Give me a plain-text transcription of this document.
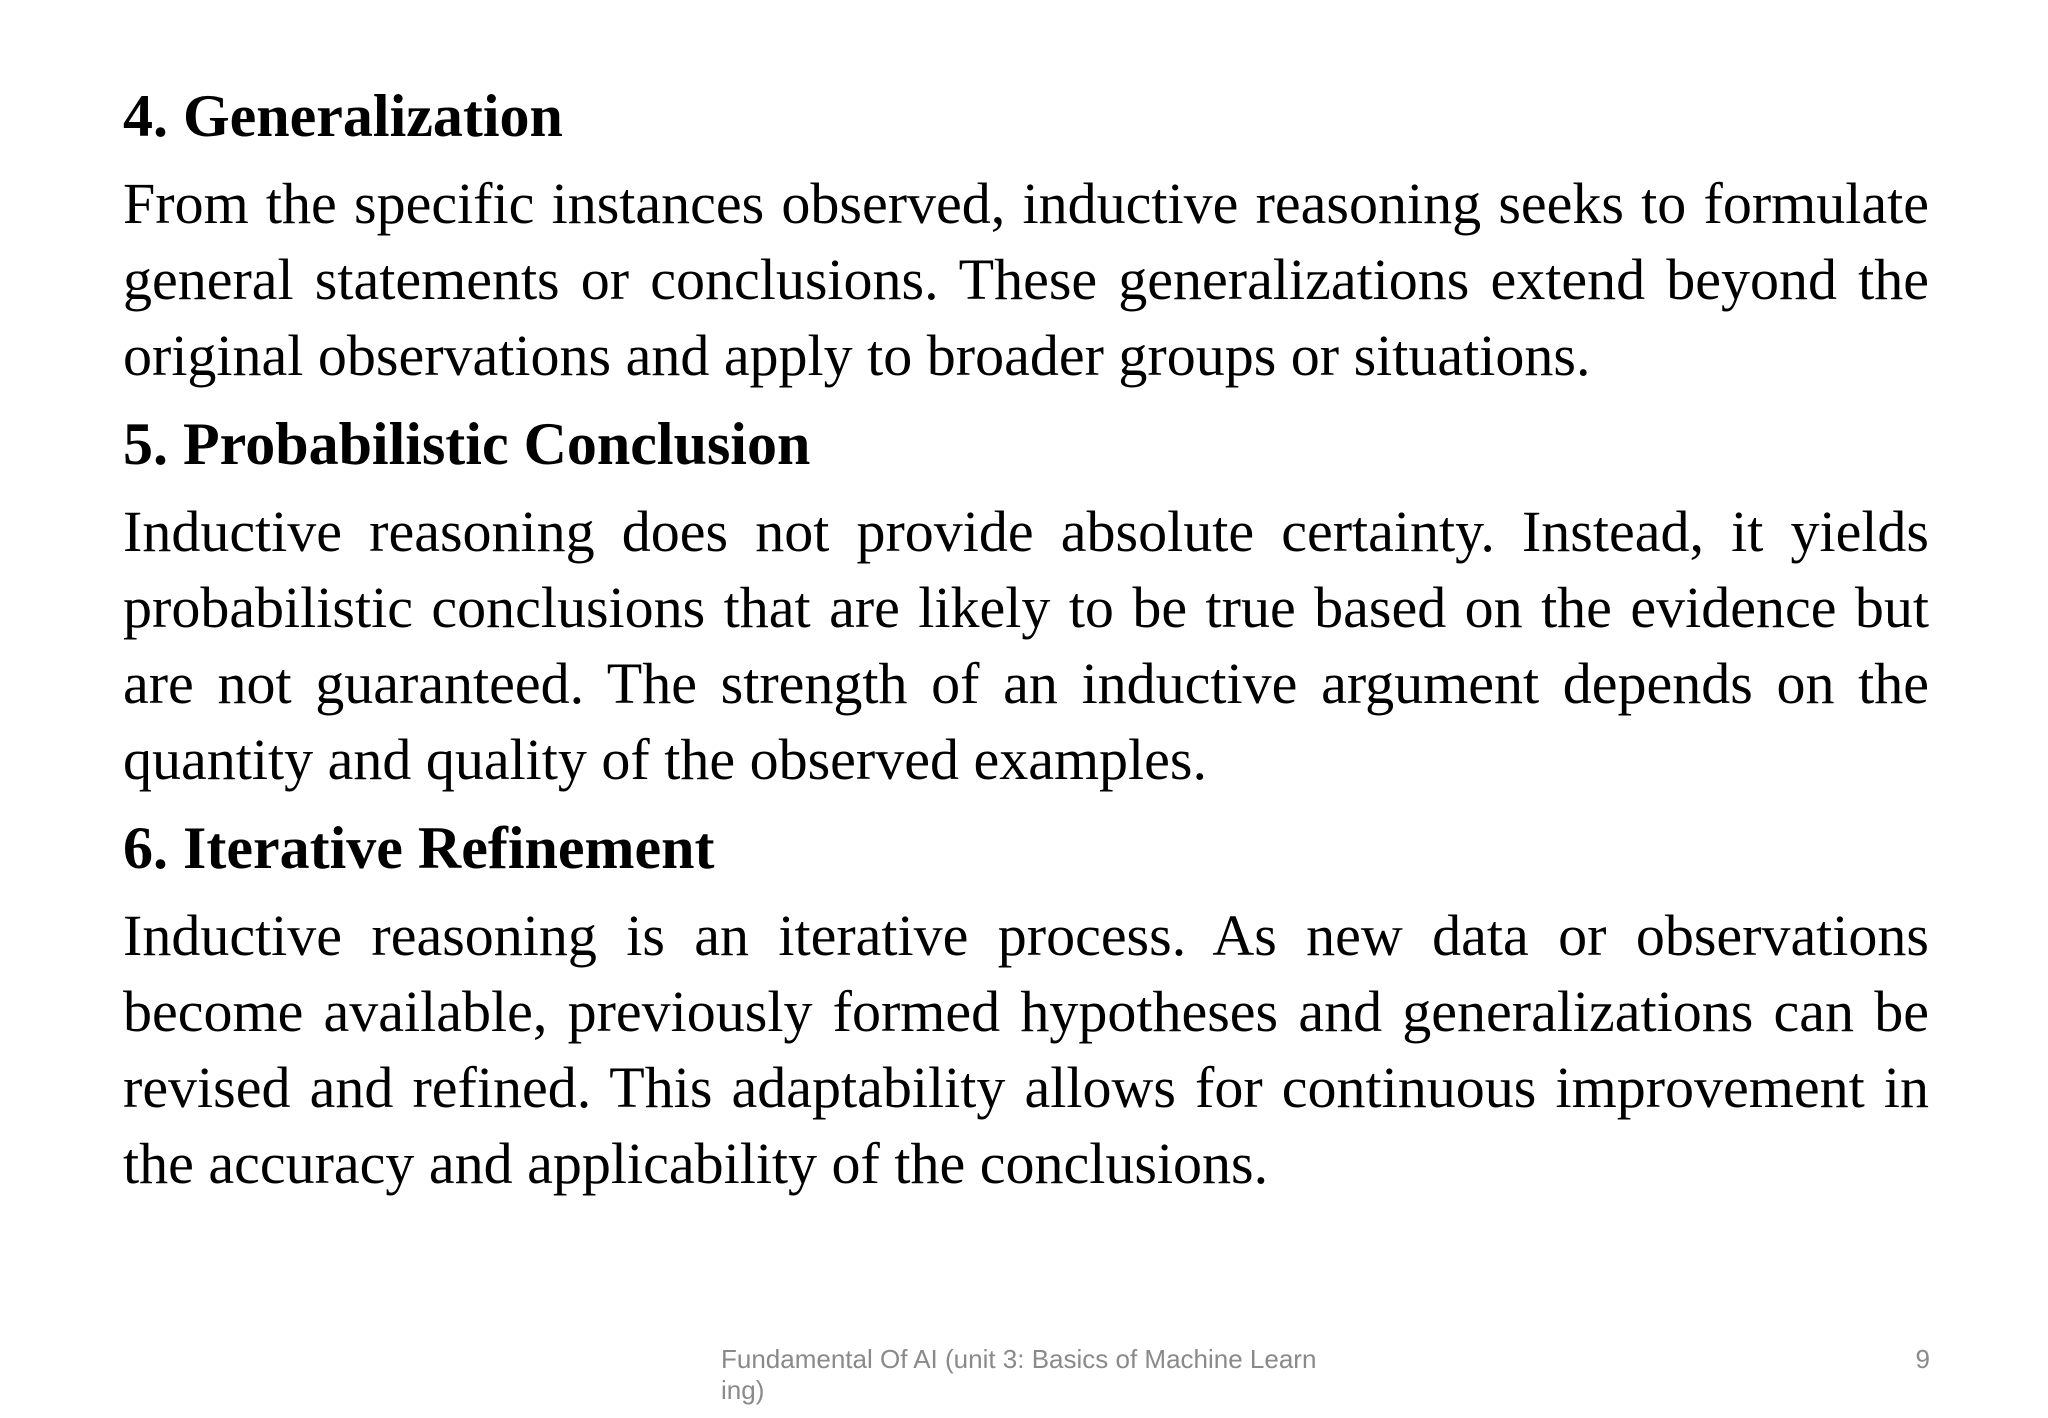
4. Generalization

From the specific instances observed, inductive reasoning seeks to formulate general statements or conclusions. These generalizations extend beyond the original observations and apply to broader groups or situations.

5. Probabilistic Conclusion

Inductive reasoning does not provide absolute certainty. Instead, it yields probabilistic conclusions that are likely to be true based on the evidence but are not guaranteed. The strength of an inductive argument depends on the quantity and quality of the observed examples.

6. Iterative Refinement

Inductive reasoning is an iterative process. As new data or observations become available, previously formed hypotheses and generalizations can be revised and refined. This adaptability allows for continuous improvement in the accuracy and applicability of the conclusions.

Fundamental Of AI (unit 3: Basics of Machine Learning)
9
